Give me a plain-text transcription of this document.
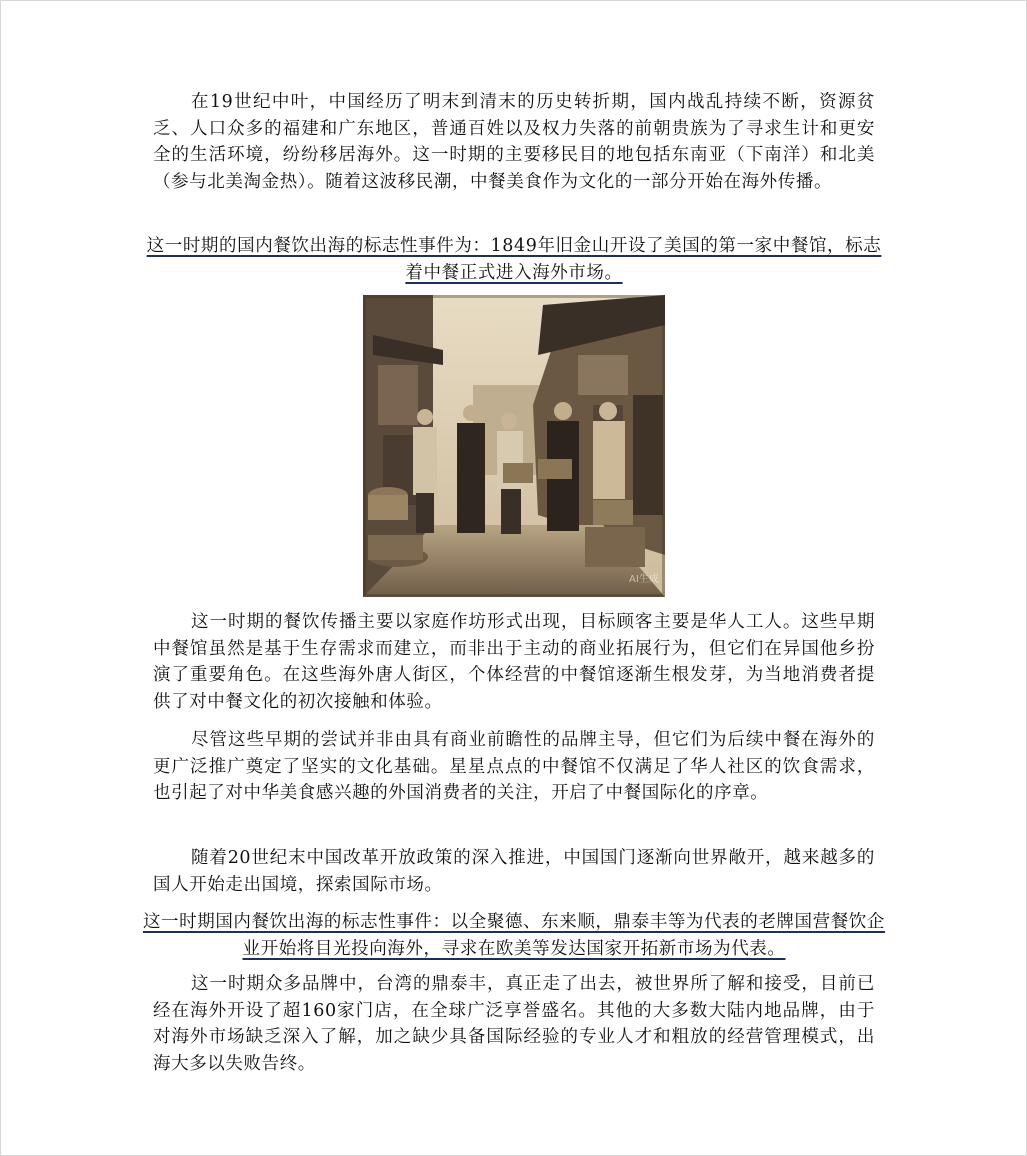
在19世纪中叶，中国经历了明末到清末的历史转折期，国内战乱持续不断，资源贫乏、人口众多的福建和广东地区，普通百姓以及权力失落的前朝贵族为了寻求生计和更安全的生活环境，纷纷移居海外。这一时期的主要移民目的地包括东南亚（下南洋）和北美（参与北美淘金热）。随着这波移民潮，中餐美食作为文化的一部分开始在海外传播。

这一时期的国内餐饮出海的标志性事件为：1849年旧金山开设了美国的第一家中餐馆，标志着中餐正式进入海外市场。

AI生成

这一时期的餐饮传播主要以家庭作坊形式出现，目标顾客主要是华人工人。这些早期中餐馆虽然是基于生存需求而建立，而非出于主动的商业拓展行为，但它们在异国他乡扮演了重要角色。在这些海外唐人街区，个体经营的中餐馆逐渐生根发芽，为当地消费者提供了对中餐文化的初次接触和体验。

尽管这些早期的尝试并非由具有商业前瞻性的品牌主导，但它们为后续中餐在海外的更广泛推广奠定了坚实的文化基础。星星点点的中餐馆不仅满足了华人社区的饮食需求，也引起了对中华美食感兴趣的外国消费者的关注，开启了中餐国际化的序章。

随着20世纪末中国改革开放政策的深入推进，中国国门逐渐向世界敞开，越来越多的国人开始走出国境，探索国际市场。

这一时期国内餐饮出海的标志性事件：以全聚德、东来顺，鼎泰丰等为代表的老牌国营餐饮企业开始将目光投向海外，寻求在欧美等发达国家开拓新市场为代表。

这一时期众多品牌中，台湾的鼎泰丰，真正走了出去，被世界所了解和接受，目前已经在海外开设了超160家门店，在全球广泛享誉盛名。其他的大多数大陆内地品牌，由于对海外市场缺乏深入了解，加之缺少具备国际经验的专业人才和粗放的经营管理模式，出海大多以失败告终。
